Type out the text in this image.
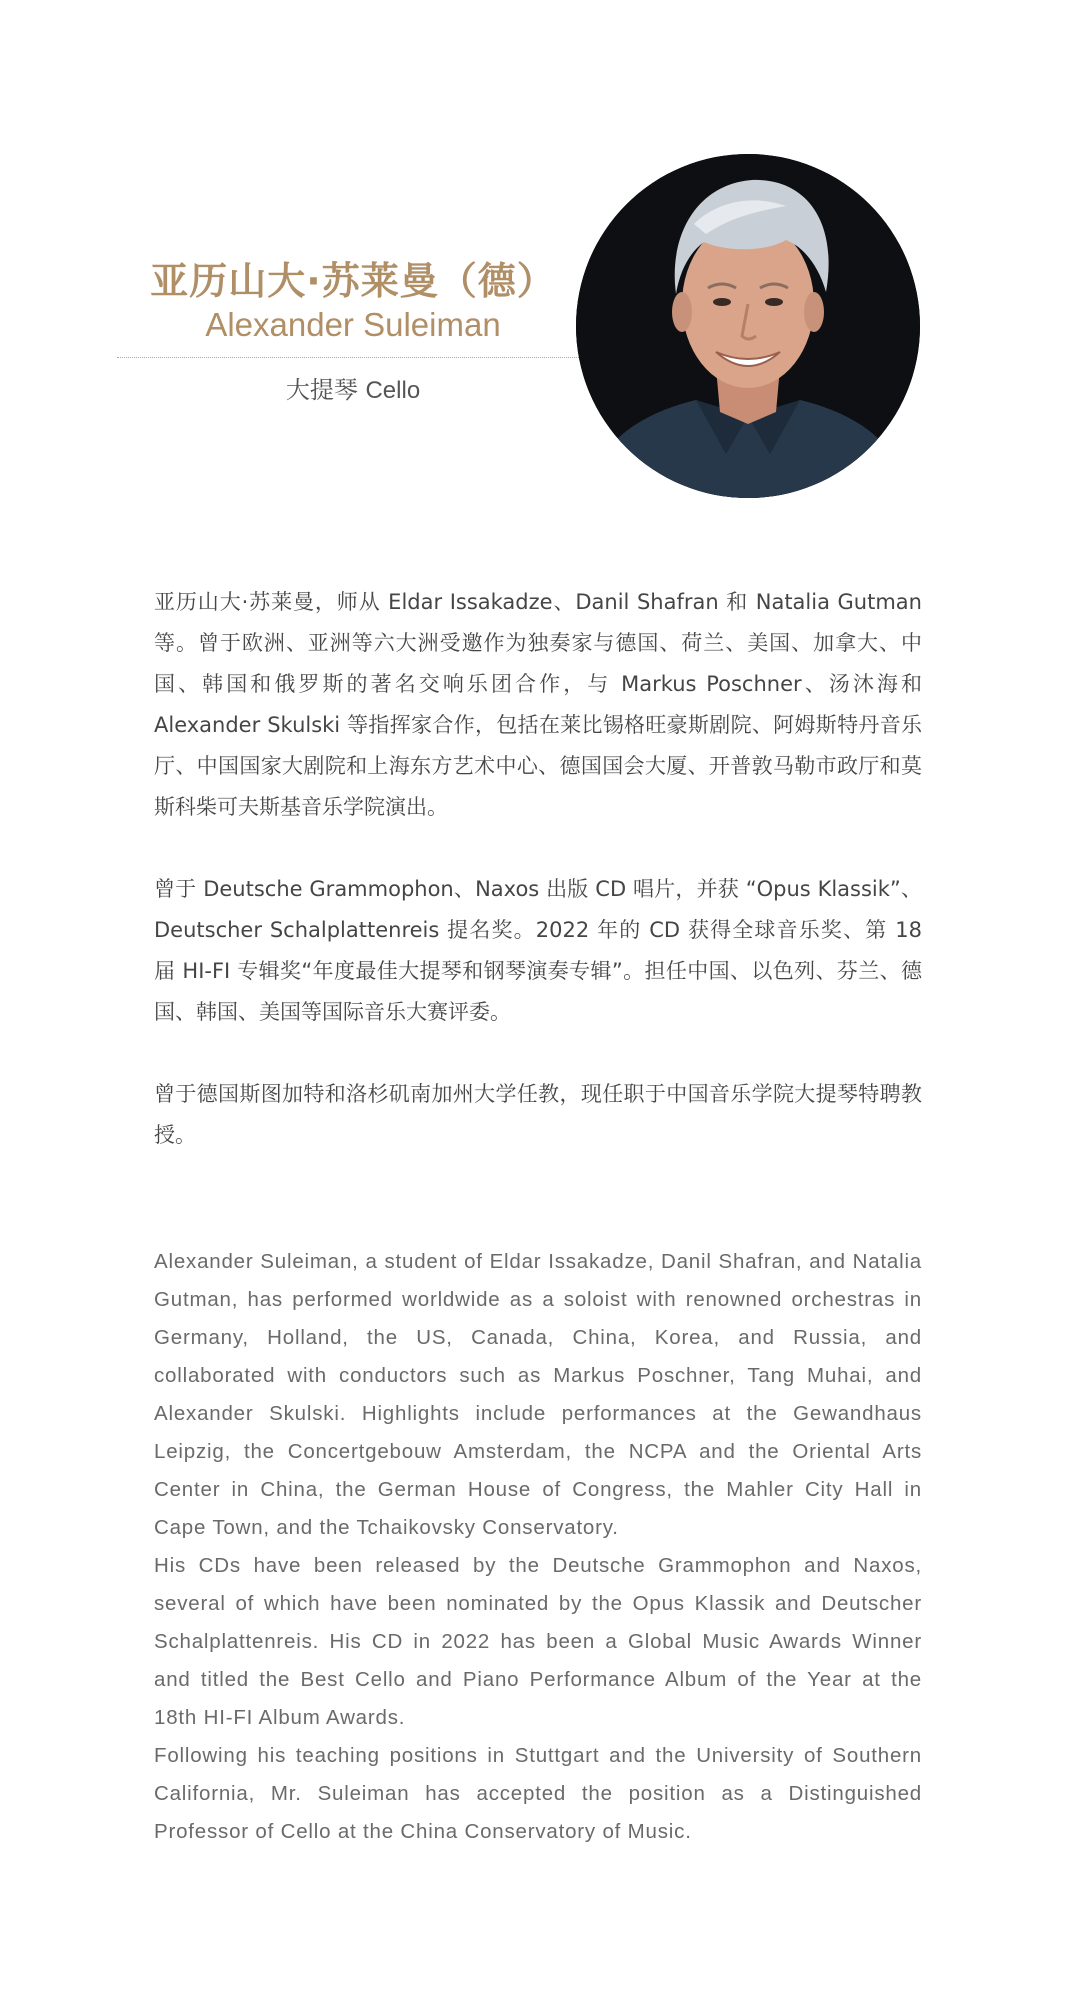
亚历山大·苏莱曼（德）
Alexander Suleiman
大提琴 Cello

亚历山大·苏莱曼，师从 Eldar Issakadze、Danil Shafran 和 Natalia Gutman 等。曾于欧洲、亚洲等六大洲受邀作为独奏家与德国、荷兰、美国、加拿大、中国、韩国和俄罗斯的著名交响乐团合作，与 Markus Poschner、汤沐海和 Alexander Skulski 等指挥家合作，包括在莱比锡格旺豪斯剧院、阿姆斯特丹音乐厅、中国国家大剧院和上海东方艺术中心、德国国会大厦、开普敦马勒市政厅和莫斯科柴可夫斯基音乐学院演出。

曾于 Deutsche Grammophon、Naxos 出版 CD 唱片，并获 “Opus Klassik”、Deutscher Schalplattenreis 提名奖。2022 年的 CD 获得全球音乐奖、第 18 届 HI-FI 专辑奖“年度最佳大提琴和钢琴演奏专辑”。担任中国、以色列、芬兰、德国、韩国、美国等国际音乐大赛评委。

曾于德国斯图加特和洛杉矶南加州大学任教，现任职于中国音乐学院大提琴特聘教授。

Alexander Suleiman, a student of Eldar Issakadze, Danil Shafran, and Natalia Gutman, has performed worldwide as a soloist with renowned orchestras in Germany, Holland, the US, Canada, China, Korea, and Russia, and collaborated with conductors such as Markus Poschner, Tang Muhai, and Alexander Skulski. Highlights include performances at the Gewandhaus Leipzig, the Concertgebouw Amsterdam, the NCPA and the Oriental Arts Center in China, the German House of Congress, the Mahler City Hall in Cape Town, and the Tchaikovsky Conservatory.

His CDs have been released by the Deutsche Grammophon and Naxos, several of which have been nominated by the Opus Klassik and Deutscher Schalplattenreis. His CD in 2022 has been a Global Music Awards Winner and titled the Best Cello and Piano Performance Album of the Year at the 18th HI-FI Album Awards.

Following his teaching positions in Stuttgart and the University of Southern California, Mr. Suleiman has accepted the position as a Distinguished Professor of Cello at the China Conservatory of Music.
